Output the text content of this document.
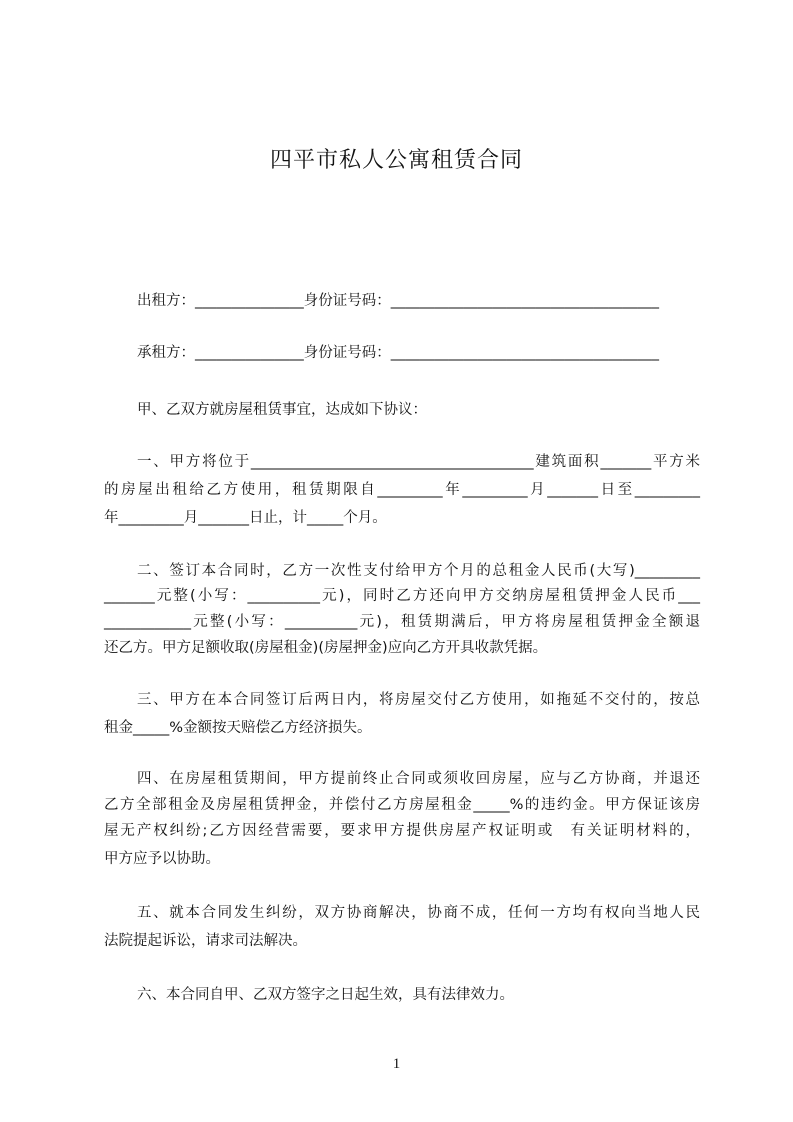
四平市私人公寓租赁合同
出租方：_______________身份证号码：_____________________________________
承租方：_______________身份证号码：_____________________________________
甲、乙双方就房屋租赁事宜，达成如下协议：
一、甲方将位于_______________________________________建筑面积_______平方米
的房屋出租给乙方使用，租赁期限自_________年_________月_______日至_________
年_________月_______日止，计_____个月。
二、签订本合同时，乙方一次性支付给甲方个月的总租金人民币(大写)_________
_______元整(小写：__________元)，同时乙方还向甲方交纳房屋租赁押金人民币___
____________元整(小写：__________元)，租赁期满后，甲方将房屋租赁押金全额退
还乙方。甲方足额收取(房屋租金)(房屋押金)应向乙方开具收款凭据。
三、甲方在本合同签订后两日内，将房屋交付乙方使用，如拖延不交付的，按总
租金_____%金额按天赔偿乙方经济损失。
四、在房屋租赁期间，甲方提前终止合同或须收回房屋，应与乙方协商，并退还
乙方全部租金及房屋租赁押金，并偿付乙方房屋租金_____%的违约金。甲方保证该房
屋无产权纠纷;乙方因经营需要，要求甲方提供房屋产权证明或　有关证明材料的，
甲方应予以协助。
五、就本合同发生纠纷，双方协商解决，协商不成，任何一方均有权向当地人民
法院提起诉讼，请求司法解决。
六、本合同自甲、乙双方签字之日起生效，具有法律效力。
1
